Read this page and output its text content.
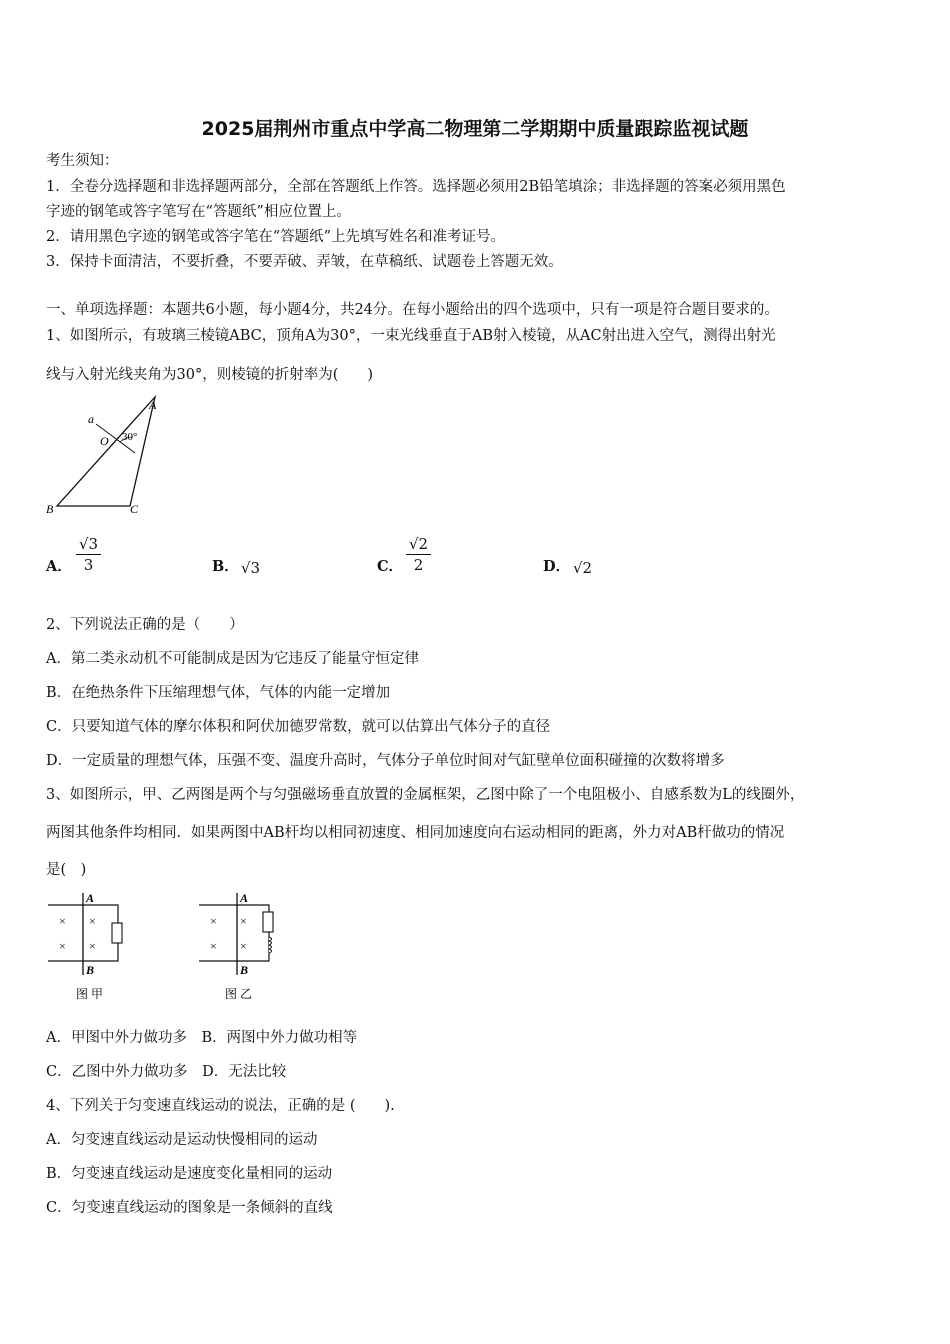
2025届荆州市重点中学高二物理第二学期期中质量跟踪监视试题
考生须知：
1．全卷分选择题和非选择题两部分，全部在答题纸上作答。选择题必须用2B铅笔填涂；非选择题的答案必须用黑色
字迹的钢笔或答字笔写在“答题纸”相应位置上。
2．请用黑色字迹的钢笔或答字笔在“答题纸”上先填写姓名和准考证号。
3．保持卡面清洁，不要折叠，不要弄破、弄皱，在草稿纸、试题卷上答题无效。
一、单项选择题：本题共6小题，每小题4分，共24分。在每小题给出的四个选项中，只有一项是符合题目要求的。
1、如图所示，有玻璃三棱镜ABC，顶角A为30°，一束光线垂直于AB射入棱镜，从AC射出进入空气，测得出射光
线与入射光线夹角为30°，则棱镜的折射率为(　　)
a
A
O 30°
B	C
A． $\frac{√3}{3}$	B． √3	C． $\frac{√2}{2}$	D． √2
2、下列说法正确的是（　　）
A．第二类永动机不可能制成是因为它违反了能量守恒定律
B．在绝热条件下压缩理想气体，气体的内能一定增加
C．只要知道气体的摩尔体积和阿伏加德罗常数，就可以估算出气体分子的直径
D．一定质量的理想气体，压强不变、温度升高时，气体分子单位时间对气缸壁单位面积碰撞的次数将增多
3、如图所示，甲、乙两图是两个与匀强磁场垂直放置的金属框架，乙图中除了一个电阻极小、自感系数为L的线圈外，
两图其他条件均相同．如果两图中AB杆均以相同初速度、相同加速度向右运动相同的距离，外力对AB杆做功的情况
是(　)
× ×
× ×
A
B
图 甲
× ×
× ×
A
B
图 乙
A．甲图中外力做功多　B．两图中外力做功相等
C．乙图中外力做功多　D．无法比较
4、下列关于匀变速直线运动的说法，正确的是 (　　).
A．匀变速直线运动是运动快慢相同的运动
B．匀变速直线运动是速度变化量相同的运动
C．匀变速直线运动的图象是一条倾斜的直线
